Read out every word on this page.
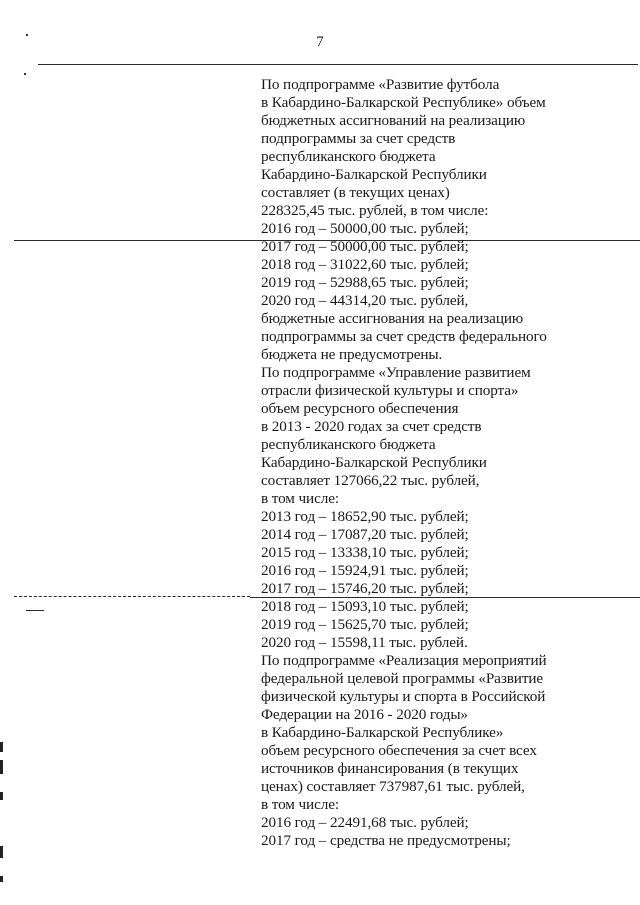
7
По подпрограмме «Развитие футбола
в Кабардино-Балкарской Республике» объем
бюджетных ассигнований на реализацию
подпрограммы за счет средств
республиканского бюджета
Кабардино-Балкарской Республики
составляет (в текущих ценах)
228325,45 тыс. рублей, в том числе:
2016 год – 50000,00 тыс. рублей;
2017 год – 50000,00 тыс. рублей;
2018 год – 31022,60 тыс. рублей;
2019 год – 52988,65 тыс. рублей;
2020 год – 44314,20 тыс. рублей,
бюджетные ассигнования на реализацию
подпрограммы за счет средств федерального
бюджета не предусмотрены.
По подпрограмме «Управление развитием
отрасли физической культуры и спорта»
объем ресурсного обеспечения
в 2013 - 2020 годах за счет средств
республиканского бюджета
Кабардино-Балкарской Республики
составляет 127066,22 тыс. рублей,
в том числе:
2013 год – 18652,90 тыс. рублей;
2014 год – 17087,20 тыс. рублей;
2015 год – 13338,10 тыс. рублей;
2016 год – 15924,91 тыс. рублей;
2017 год – 15746,20 тыс. рублей;
2018 год – 15093,10 тыс. рублей;
2019 год – 15625,70 тыс. рублей;
2020 год – 15598,11 тыс. рублей.
По подпрограмме «Реализация мероприятий
федеральной целевой программы «Развитие
физической культуры и спорта в Российской
Федерации на 2016 - 2020 годы»
в Кабардино-Балкарской Республике»
объем ресурсного обеспечения за счет всех
источников финансирования (в текущих
ценах) составляет 737987,61 тыс. рублей,
в том числе:
2016 год – 22491,68 тыс. рублей;
2017 год – средства не предусмотрены;
